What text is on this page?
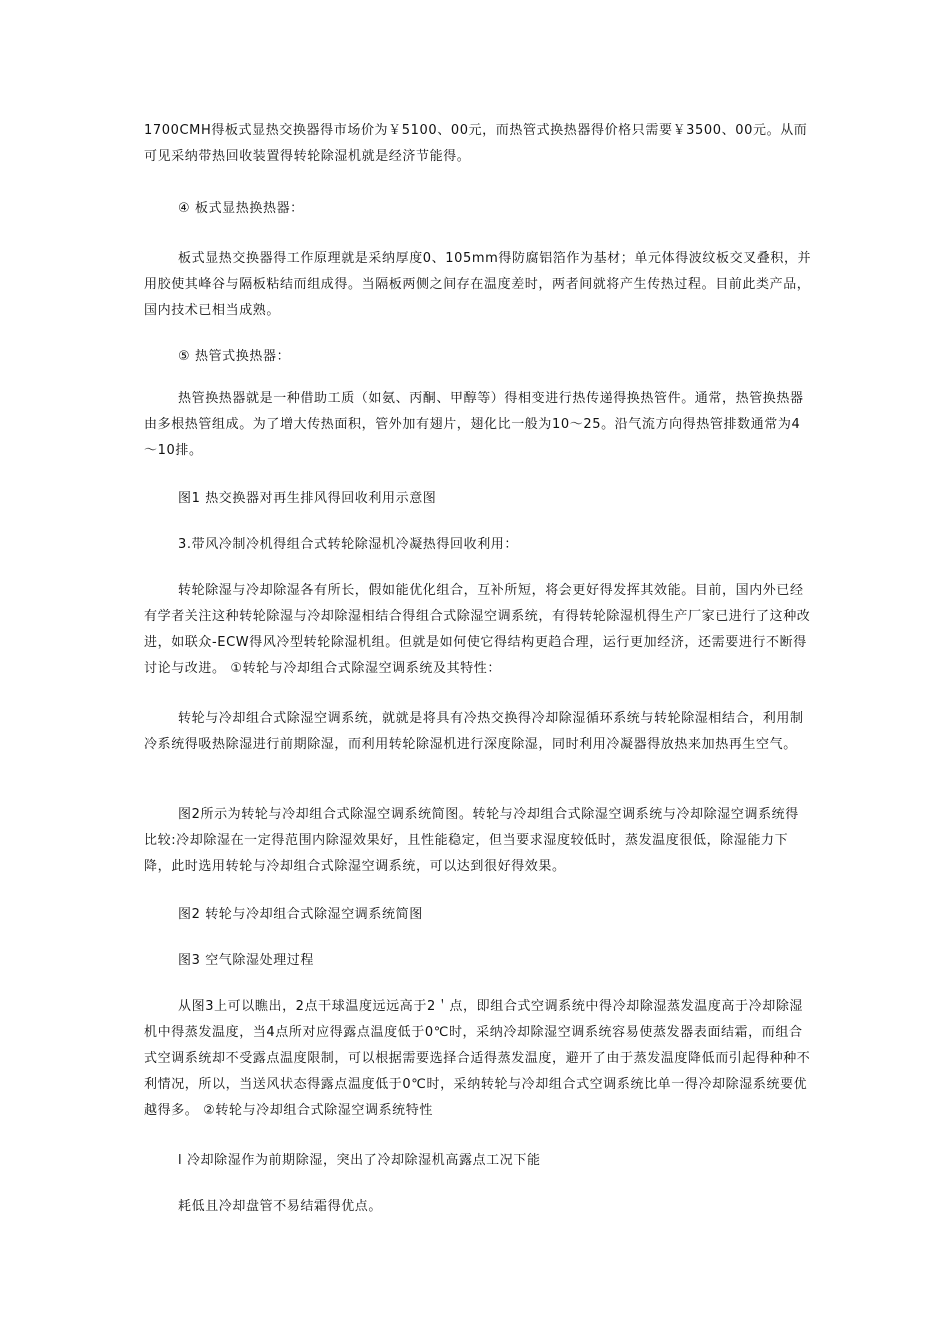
1700CMH得板式显热交换器得市场价为￥5100、00元，而热管式换热器得价格只需要￥3500、00元。从而可见采纳带热回收装置得转轮除湿机就是经济节能得。

④ 板式显热换热器：

板式显热交换器得工作原理就是采纳厚度0、105mm得防腐铝箔作为基材；单元体得波纹板交叉叠积，并用胶使其峰谷与隔板粘结而组成得。当隔板两侧之间存在温度差时，两者间就将产生传热过程。目前此类产品，国内技术已相当成熟。

⑤ 热管式换热器：

热管换热器就是一种借助工质（如氨、丙酮、甲醇等）得相变进行热传递得换热管件。通常，热管换热器由多根热管组成。为了增大传热面积，管外加有翅片，翅化比一般为10～25。沿气流方向得热管排数通常为4～10排。

图1 热交换器对再生排风得回收利用示意图

3.带风冷制冷机得组合式转轮除湿机冷凝热得回收利用：

转轮除湿与冷却除湿各有所长，假如能优化组合，互补所短，将会更好得发挥其效能。目前，国内外已经有学者关注这种转轮除湿与冷却除湿相结合得组合式除湿空调系统，有得转轮除湿机得生产厂家已进行了这种改进，如联众-ECW得风冷型转轮除湿机组。但就是如何使它得结构更趋合理，运行更加经济，还需要进行不断得讨论与改进。 ①转轮与冷却组合式除湿空调系统及其特性：

转轮与冷却组合式除湿空调系统，就就是将具有冷热交换得冷却除湿循环系统与转轮除湿相结合，利用制冷系统得吸热除湿进行前期除湿，而利用转轮除湿机进行深度除湿，同时利用冷凝器得放热来加热再生空气。

图2所示为转轮与冷却组合式除湿空调系统简图。转轮与冷却组合式除湿空调系统与冷却除湿空调系统得比较:冷却除湿在一定得范围内除湿效果好，且性能稳定，但当要求湿度较低时，蒸发温度很低，除湿能力下降，此时选用转轮与冷却组合式除湿空调系统，可以达到很好得效果。

图2 转轮与冷却组合式除湿空调系统简图

图3 空气除湿处理过程

从图3上可以瞧出，2点干球温度远远高于2＇点，即组合式空调系统中得冷却除湿蒸发温度高于冷却除湿机中得蒸发温度，当4点所对应得露点温度低于0℃时，采纳冷却除湿空调系统容易使蒸发器表面结霜，而组合式空调系统却不受露点温度限制，可以根据需要选择合适得蒸发温度，避开了由于蒸发温度降低而引起得种种不利情况，所以，当送风状态得露点温度低于0℃时，采纳转轮与冷却组合式空调系统比单一得冷却除湿系统要优越得多。 ②转轮与冷却组合式除湿空调系统特性

l 冷却除湿作为前期除湿，突出了冷却除湿机高露点工况下能

耗低且冷却盘管不易结霜得优点。
